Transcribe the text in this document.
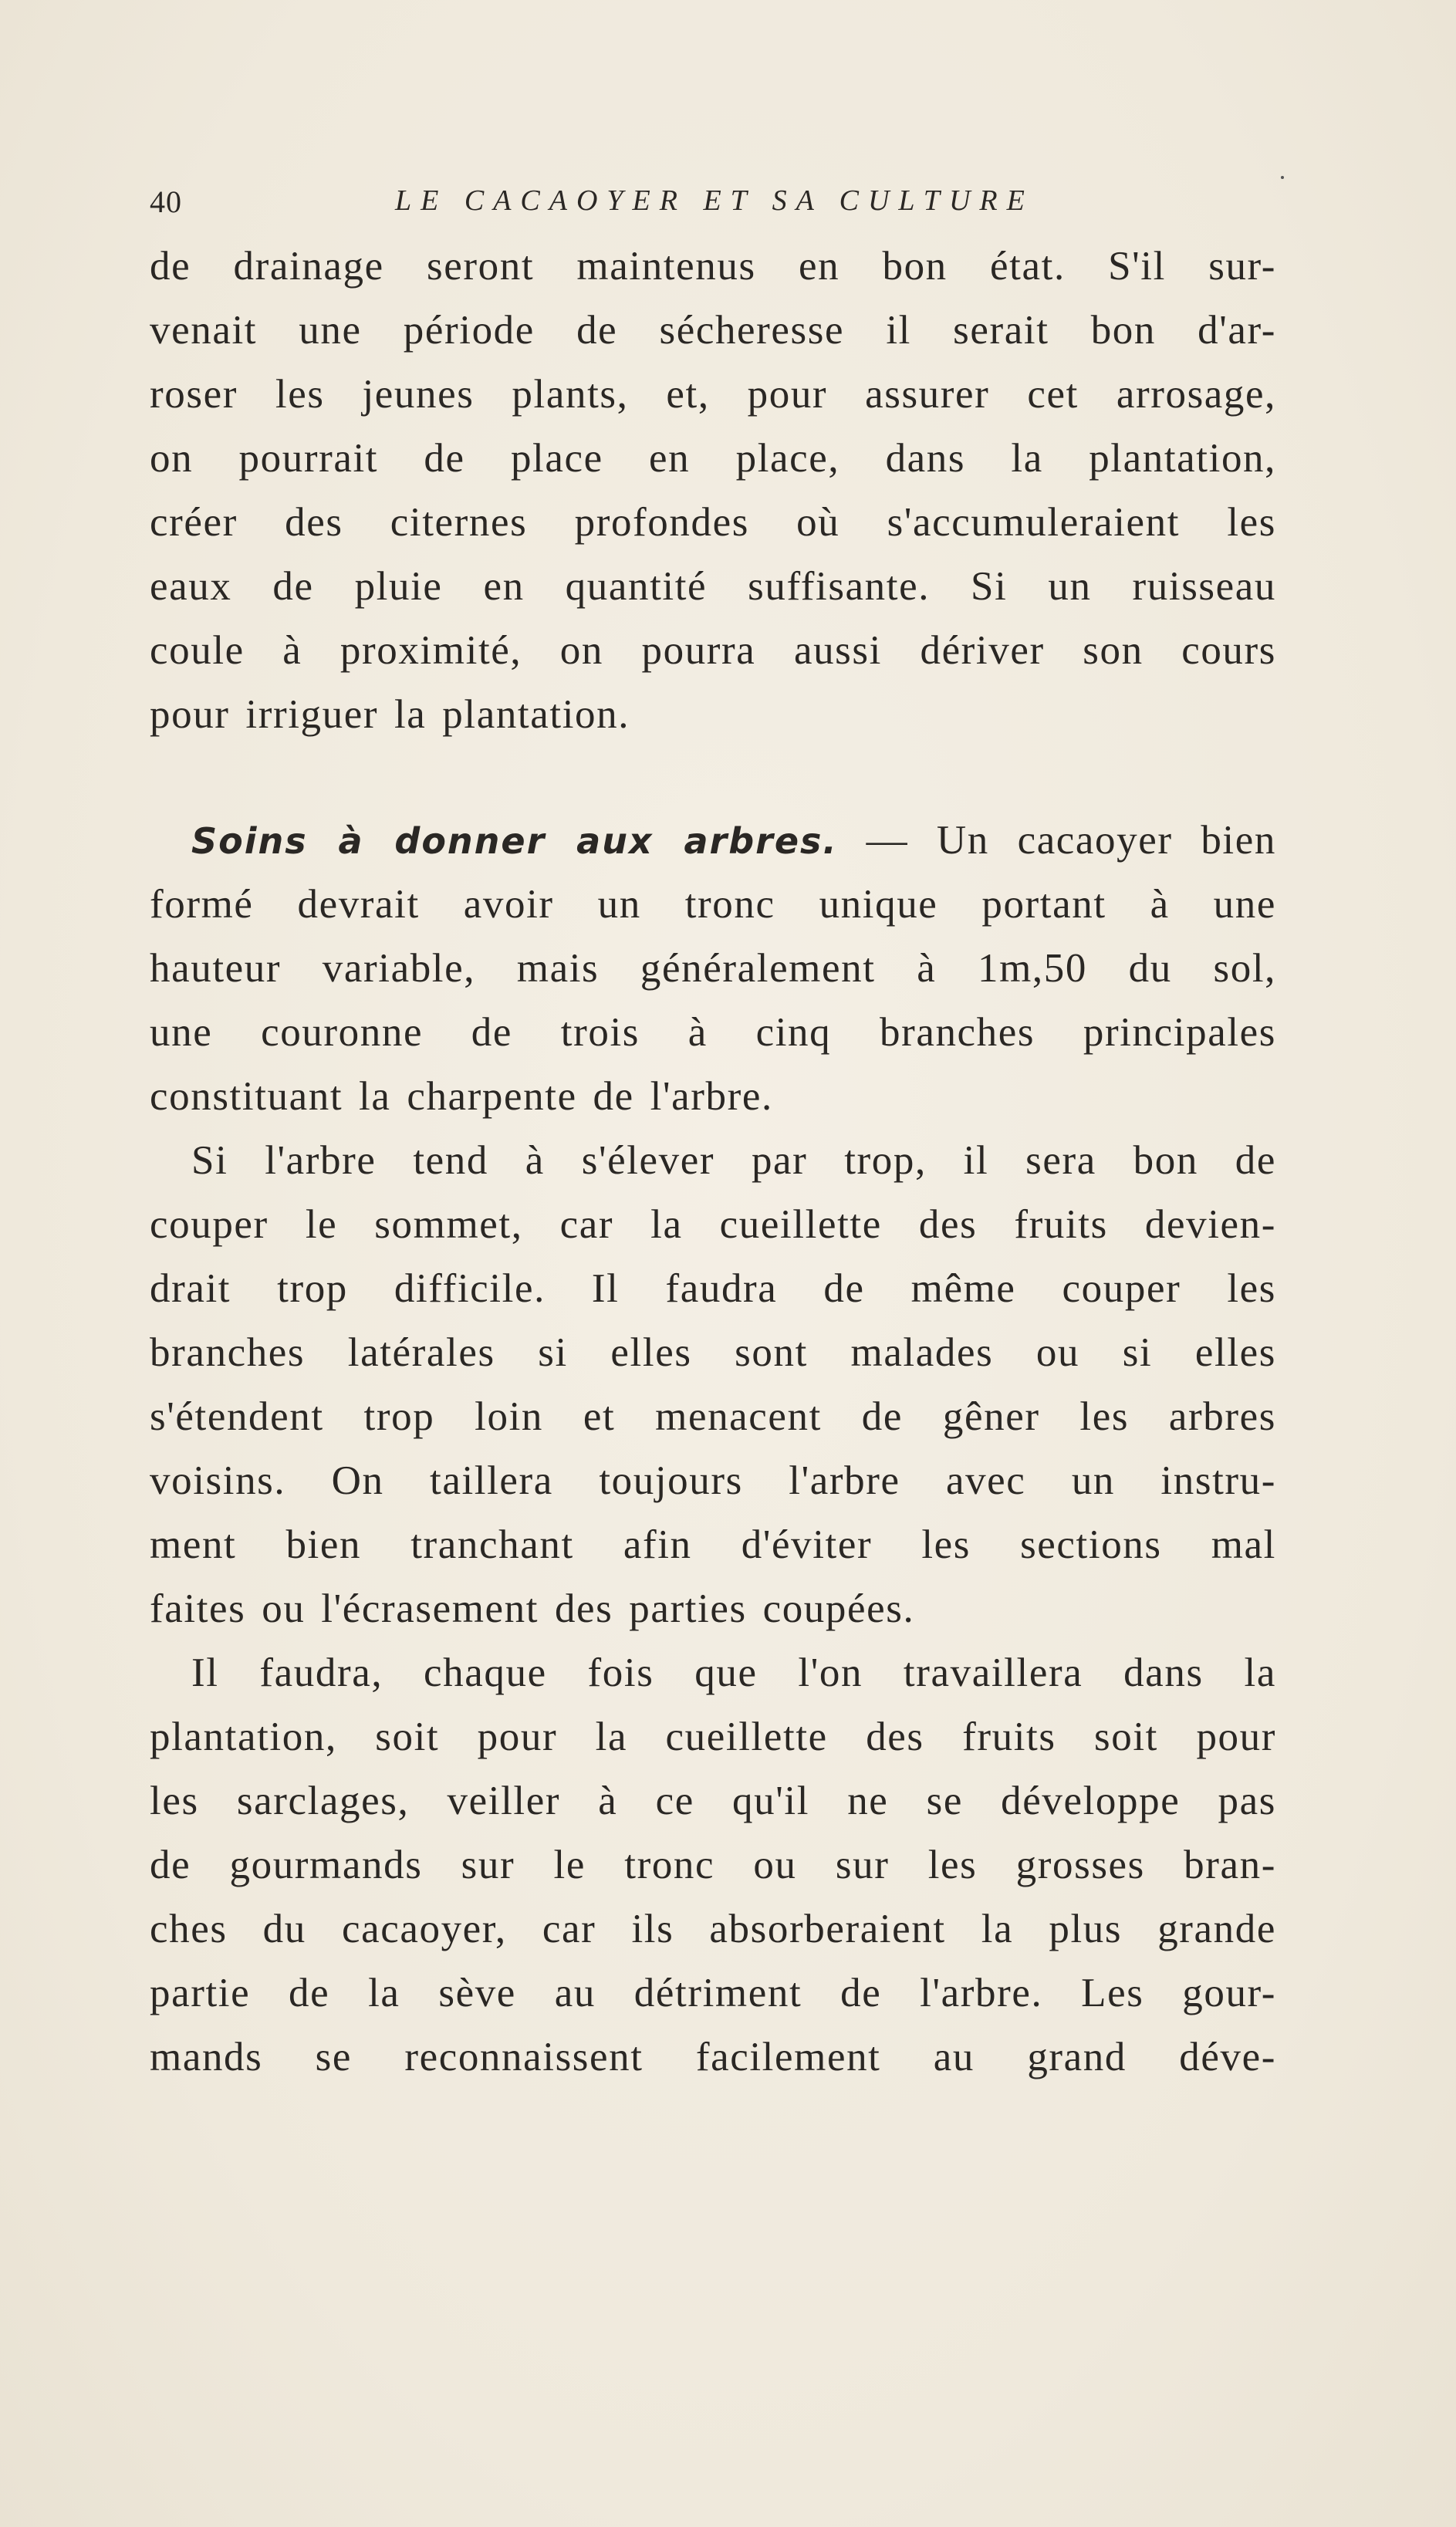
40	LE CACAOYER ET SA CULTURE
de drainage seront maintenus en bon état. S'il sur-
venait une période de sécheresse il serait bon d'ar-
roser les jeunes plants, et, pour assurer cet arrosage,
on pourrait de place en place, dans la plantation,
créer des citernes profondes où s'accumuleraient les
eaux de pluie en quantité suffisante. Si un ruisseau
coule à proximité, on pourra aussi dériver son cours
pour irriguer la plantation.
Soins à donner aux arbres. — Un cacaoyer bien
formé devrait avoir un tronc unique portant à une
hauteur variable, mais généralement à 1m,50 du sol,
une couronne de trois à cinq branches principales
constituant la charpente de l'arbre.
Si l'arbre tend à s'élever par trop, il sera bon de
couper le sommet, car la cueillette des fruits devien-
drait trop difficile. Il faudra de même couper les
branches latérales si elles sont malades ou si elles
s'étendent trop loin et menacent de gêner les arbres
voisins. On taillera toujours l'arbre avec un instru-
ment bien tranchant afin d'éviter les sections mal
faites ou l'écrasement des parties coupées.
Il faudra, chaque fois que l'on travaillera dans la
plantation, soit pour la cueillette des fruits soit pour
les sarclages, veiller à ce qu'il ne se développe pas
de gourmands sur le tronc ou sur les grosses bran-
ches du cacaoyer, car ils absorberaient la plus grande
partie de la sève au détriment de l'arbre. Les gour-
mands se reconnaissent facilement au grand déve-
